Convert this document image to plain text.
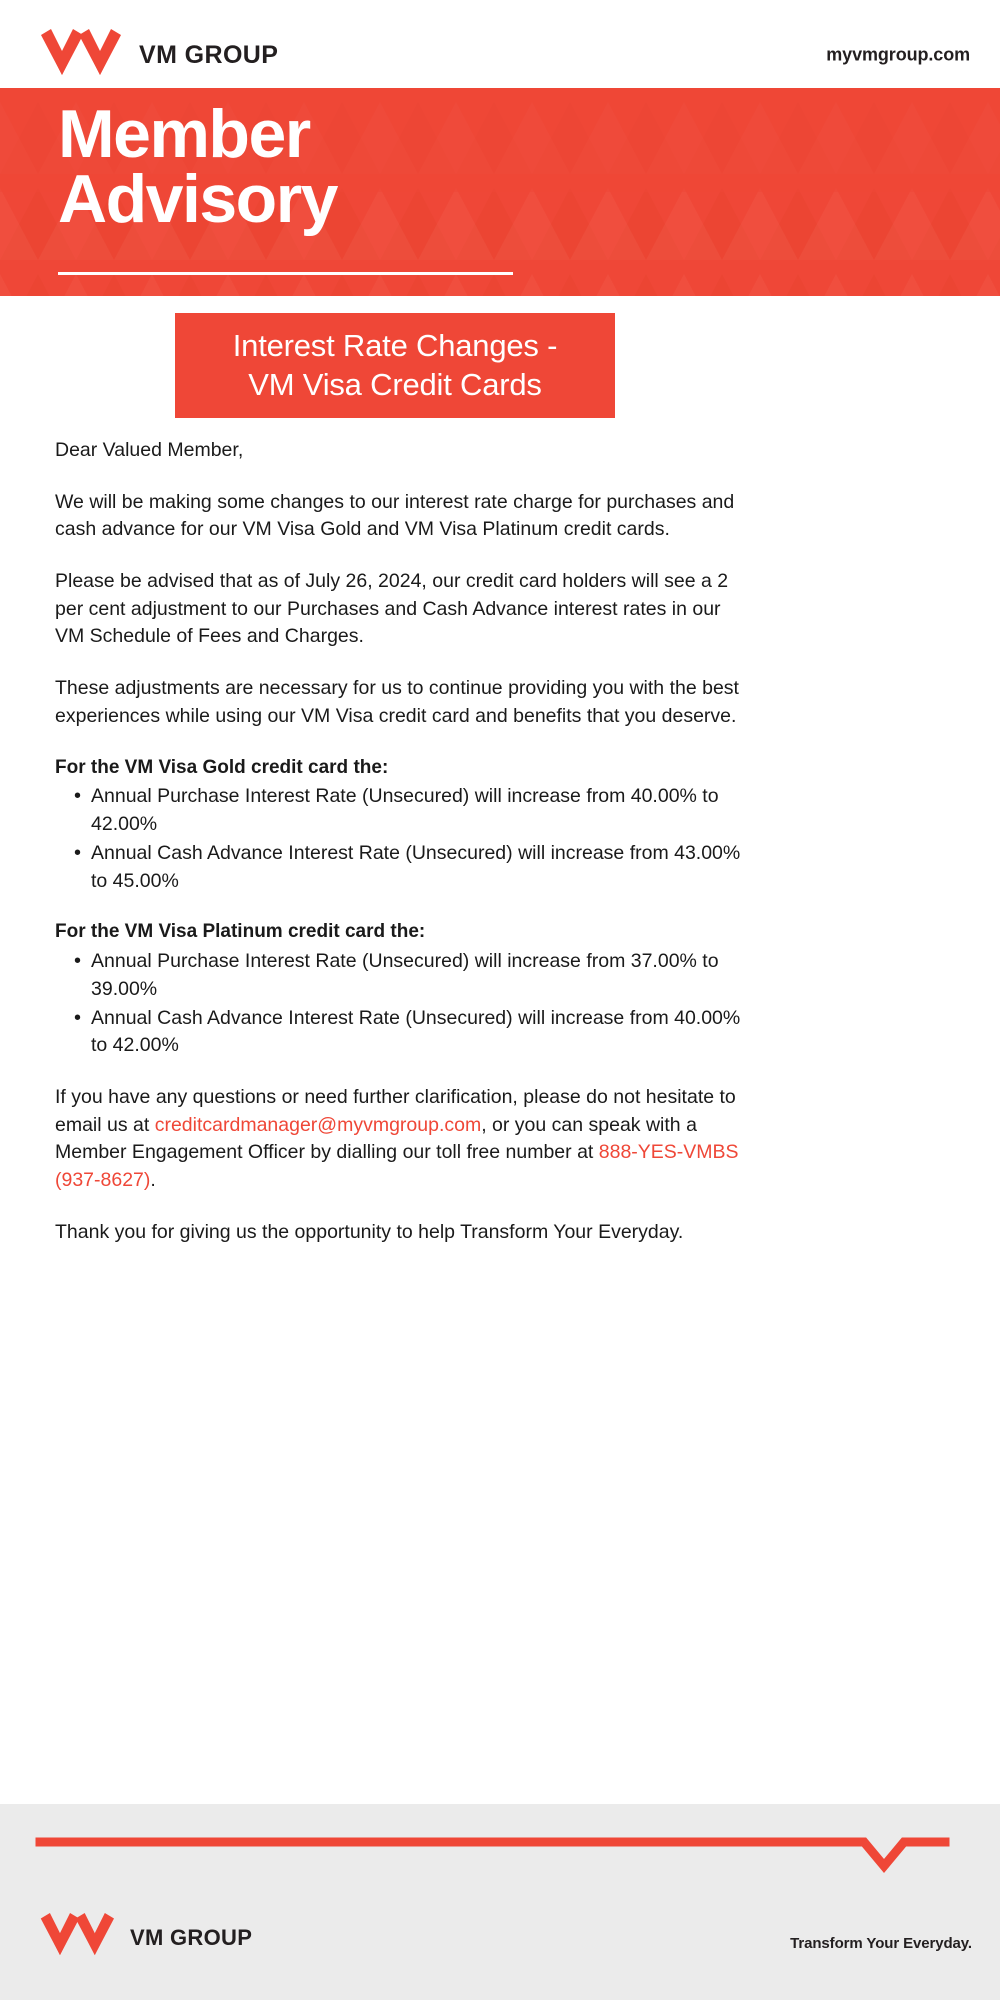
VM GROUP	myvmgroup.com
Member
Advisory
Interest Rate Changes -
VM Visa Credit Cards

Dear Valued Member,

We will be making some changes to our interest rate charge for purchases and cash advance for our VM Visa Gold and VM Visa Platinum credit cards.

Please be advised that as of July 26, 2024, our credit card holders will see a 2 per cent adjustment to our Purchases and Cash Advance interest rates in our VM Schedule of Fees and Charges.

These adjustments are necessary for us to continue providing you with the best experiences while using our VM Visa credit card and benefits that you deserve.

For the VM Visa Gold credit card the:
• Annual Purchase Interest Rate (Unsecured) will increase from 40.00% to 42.00%
• Annual Cash Advance Interest Rate (Unsecured) will increase from 43.00% to 45.00%
For the VM Visa Platinum credit card the:
• Annual Purchase Interest Rate (Unsecured) will increase from 37.00% to 39.00%
• Annual Cash Advance Interest Rate (Unsecured) will increase from 40.00% to 42.00%

If you have any questions or need further clarification, please do not hesitate to email us at creditcardmanager@myvmgroup.com, or you can speak with a Member Engagement Officer by dialling our toll free number at 888-YES-VMBS (937-8627).

Thank you for giving us the opportunity to help Transform Your Everyday.

VM GROUP	Transform Your Everyday.
